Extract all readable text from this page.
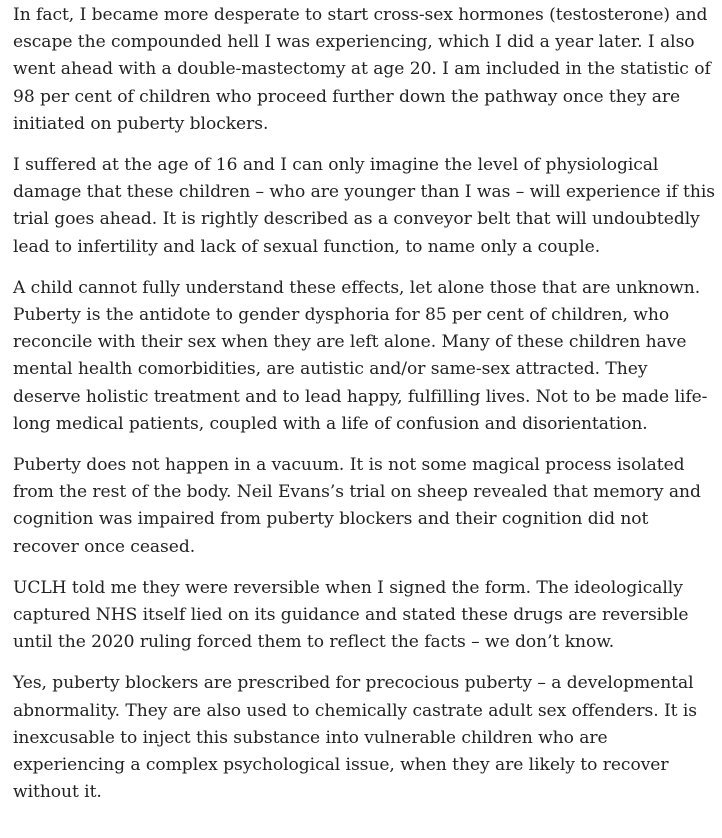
In fact, I became more desperate to start cross-sex hormones (testosterone) and escape the compounded hell I was experiencing, which I did a year later. I also went ahead with a double-mastectomy at age 20. I am included in the statistic of 98 per cent of children who proceed further down the pathway once they are initiated on puberty blockers.

I suffered at the age of 16 and I can only imagine the level of physiological damage that these children – who are younger than I was – will experience if this trial goes ahead. It is rightly described as a conveyor belt that will undoubtedly lead to infertility and lack of sexual function, to name only a couple.

A child cannot fully understand these effects, let alone those that are unknown. Puberty is the antidote to gender dysphoria for 85 per cent of children, who reconcile with their sex when they are left alone. Many of these children have mental health comorbidities, are autistic and/or same-sex attracted. They deserve holistic treatment and to lead happy, fulfilling lives. Not to be made life-long medical patients, coupled with a life of confusion and disorientation.

Puberty does not happen in a vacuum. It is not some magical process isolated from the rest of the body. Neil Evans’s trial on sheep revealed that memory and cognition was impaired from puberty blockers and their cognition did not recover once ceased.

UCLH told me they were reversible when I signed the form. The ideologically captured NHS itself lied on its guidance and stated these drugs are reversible until the 2020 ruling forced them to reflect the facts – we don’t know.

Yes, puberty blockers are prescribed for precocious puberty – a developmental abnormality. They are also used to chemically castrate adult sex offenders. It is inexcusable to inject this substance into vulnerable children who are experiencing a complex psychological issue, when they are likely to recover without it.
